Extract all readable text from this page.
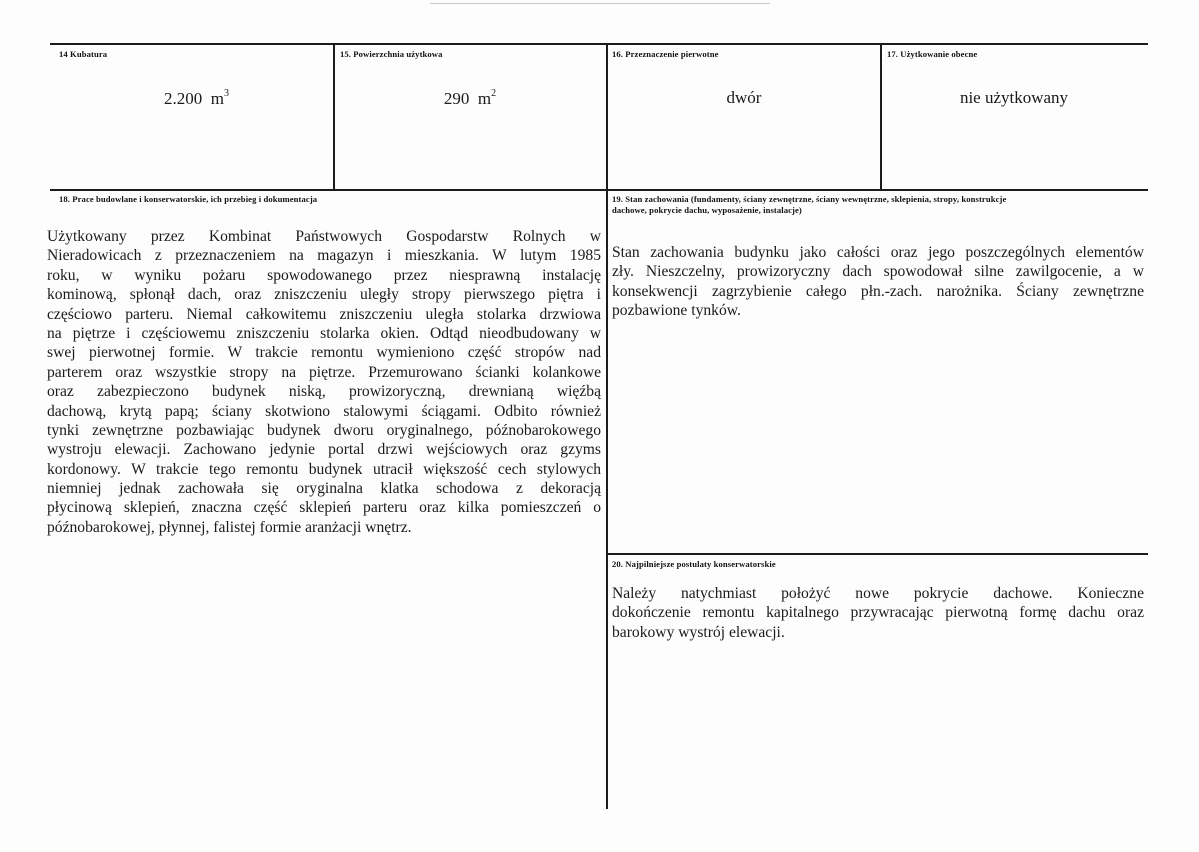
14 Kubatura
2.200 $m^3$
15. Powierzchnia użytkowa
290 $m^2$
16. Przeznaczenie pierwotne
dwór
17. Użytkowanie obecne
nie użytkowany
18. Prace budowlane i konserwatorskie, ich przebieg i dokumentacja
Użytkowany przez Kombinat Państwowych Gospodarstw Rolnych w
Nieradowicach z przeznaczeniem na magazyn i mieszkania. W lutym 1985
roku, w wyniku pożaru spowodowanego przez niesprawną instalację
kominową, spłonął dach, oraz zniszczeniu uległy stropy pierwszego piętra i
częściowo parteru. Niemal całkowitemu zniszczeniu uległa stolarka drzwiowa
na piętrze i częściowemu zniszczeniu stolarka okien. Odtąd nieodbudowany w
swej pierwotnej formie. W trakcie remontu wymieniono część stropów nad
parterem oraz wszystkie stropy na piętrze. Przemurowano ścianki kolankowe
oraz zabezpieczono budynek niską, prowizoryczną, drewnianą więźbą
dachową, krytą papą; ściany skotwiono stalowymi ściągami. Odbito również
tynki zewnętrzne pozbawiając budynek dworu oryginalnego, późnobarokowego
wystroju elewacji. Zachowano jedynie portal drzwi wejściowych oraz gzyms
kordonowy. W trakcie tego remontu budynek utracił większość cech stylowych
niemniej jednak zachowała się oryginalna klatka schodowa z dekoracją
płycinową sklepień, znaczna część sklepień parteru oraz kilka pomieszczeń o
późnobarokowej, płynnej, falistej formie aranżacji wnętrz.
19. Stan zachowania (fundamenty, ściany zewnętrzne, ściany wewnętrzne, sklepienia, stropy, konstrukcje
dachowe, pokrycie dachu, wyposażenie, instalacje)
Stan zachowania budynku jako całości oraz jego poszczególnych elementów
zły. Nieszczelny, prowizoryczny dach spowodował silne zawilgocenie, a w
konsekwencji zagrzybienie całego płn.-zach. narożnika. Ściany zewnętrzne
pozbawione tynków.
20. Najpilniejsze postulaty konserwatorskie
Należy natychmiast położyć nowe pokrycie dachowe. Konieczne
dokończenie remontu kapitalnego przywracając pierwotną formę dachu oraz
barokowy wystrój elewacji.
